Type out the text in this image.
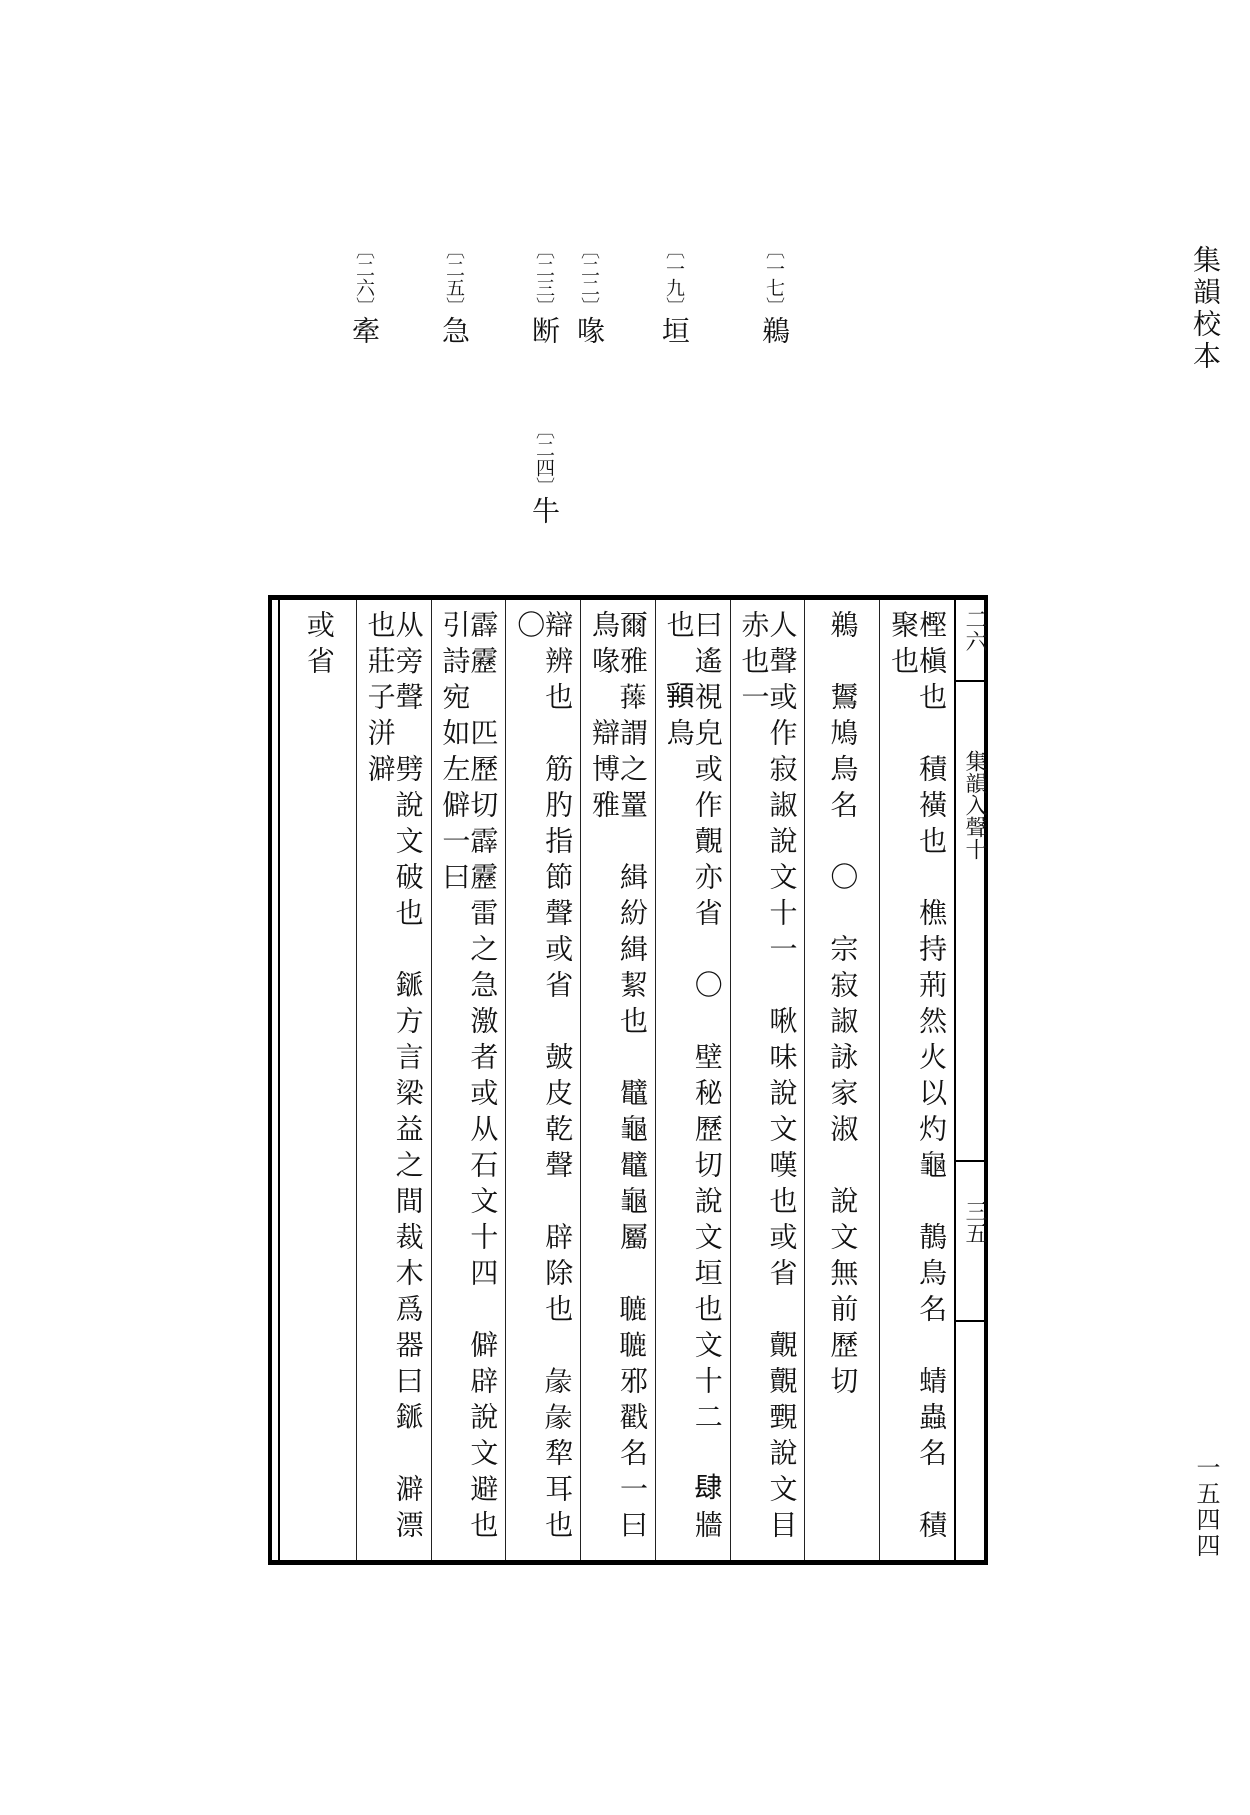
集韻校本
一五四四
〔一七〕鵜
〔一九〕垣
〔二二〕喙
〔二三〕断
〔二四〕牛
〔二五〕急
〔二六〕牽
二六
集韻入聲十
三五
樫槇也　積𧝒也　樵持荊然火以灼龜　鶄鳥名　蜻蟲名　積聚也
鵜　䳲鳩鳥名　〇　宗寂諔詠家淑　說文無前歷切
人聲或作寂諔說文十一　啾味說文嘆也或省　覿覿䚈說文目赤也一
曰遙視皃或作覿亦省　〇　壁秘歷切說文垣也文十二　𨽸牆也　𩓞鳥
爾雅𦾙謂之罿　緝紛緝絜也　鼊龜鼊龜屬　𦗓𦗓邪戳名一曰鳥喙　辯博雅
辯辨也　筋肑指節聲或省　皷皮乾聲　辟除也　𢑡𢑡犂耳也　〇
霹靂　匹歷切霹靂雷之急激者或从石文十四　僻辟說文避也引詩宛如左僻一曰
从旁聲　劈說文破也　鎃方言梁益之間裁木爲器曰鎃　澼漂也莊子洴澼
或省
